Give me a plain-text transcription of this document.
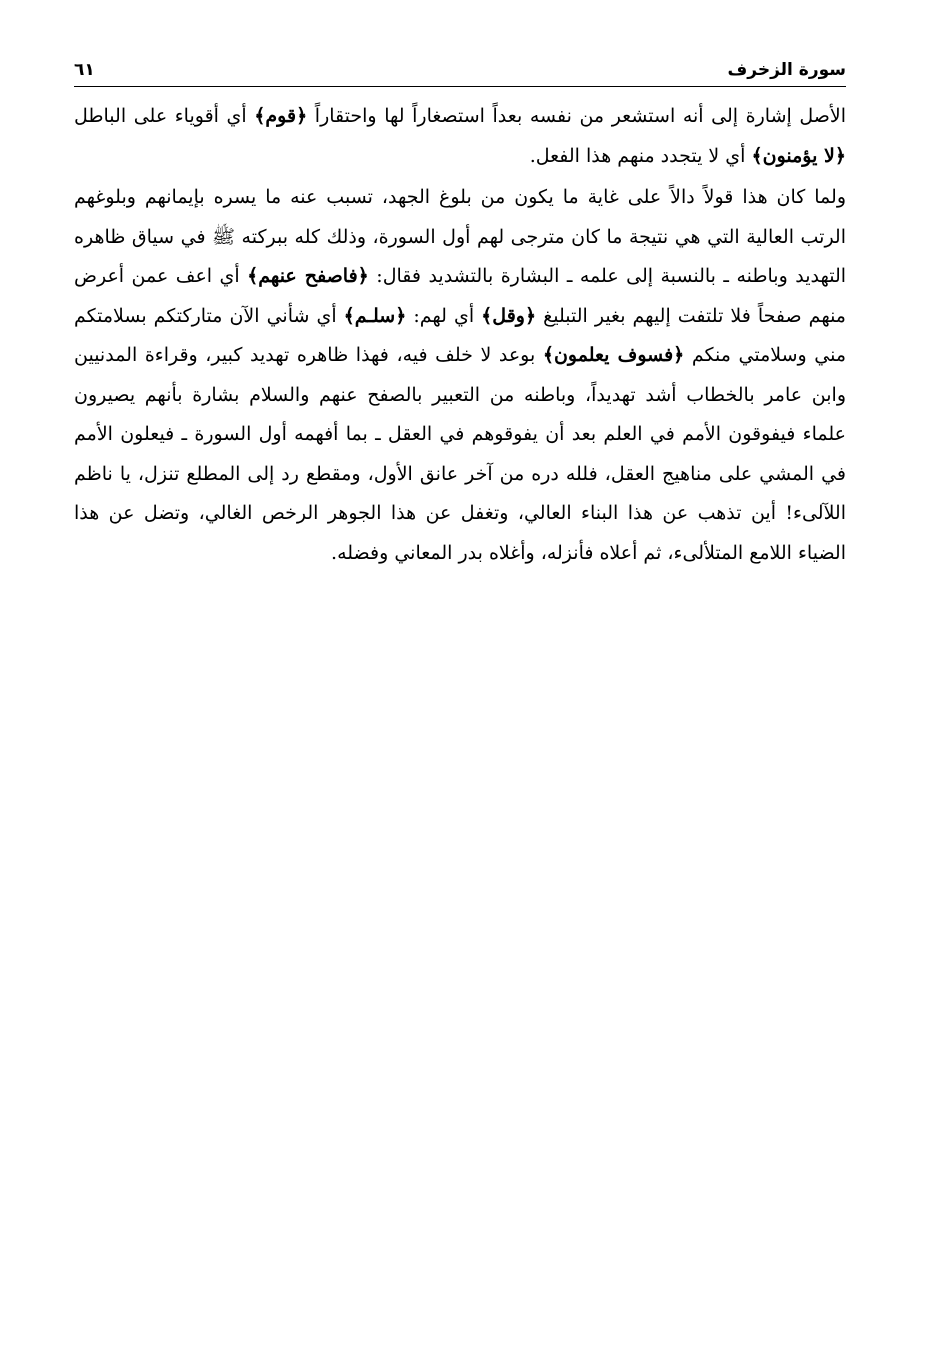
سورة الزخرف
٦١

الأصل إشارة إلى أنه استشعر من نفسه بعداً استصغاراً لها واحتقاراً ﴿قوم﴾ أي أقوياء على الباطل ﴿لا يؤمنون﴾ أي لا يتجدد منهم هذا الفعل.

ولما كان هذا قولاً دالاً على غاية ما يكون من بلوغ الجهد، تسبب عنه ما يسره بإيمانهم وبلوغهم الرتب العالية التي هي نتيجة ما كان مترجى لهم أول السورة، وذلك كله ببركته ﷺ في سياق ظاهره التهديد وباطنه ـ بالنسبة إلى علمه ـ البشارة بالتشديد فقال: ﴿فاصفح عنهم﴾ أي اعف عمن أعرض منهم صفحاً فلا تلتفت إليهم بغير التبليغ ﴿وقل﴾ أي لهم: ﴿سلـم﴾ أي شأني الآن متاركتكم بسلامتكم مني وسلامتي منكم ﴿فسوف يعلمون﴾ بوعد لا خلف فيه، فهذا ظاهره تهديد كبير، وقراءة المدنيين وابن عامر بالخطاب أشد تهديداً، وباطنه من التعبير بالصفح عنهم والسلام بشارة بأنهم يصيرون علماء فيفوقون الأمم في العلم بعد أن يفوقوهم في العقل ـ بما أفهمه أول السورة ـ فيعلون الأمم في المشي على مناهيج العقل، فلله دره من آخر عانق الأول، ومقطع رد إلى المطلع تنزل، يا ناظم اللآلىء! أين تذهب عن هذا البناء العالي، وتغفل عن هذا الجوهر الرخص الغالي، وتضل عن هذا الضياء اللامع المتلألىء، ثم أعلاه فأنزله، وأغلاه بدر المعاني وفضله.
